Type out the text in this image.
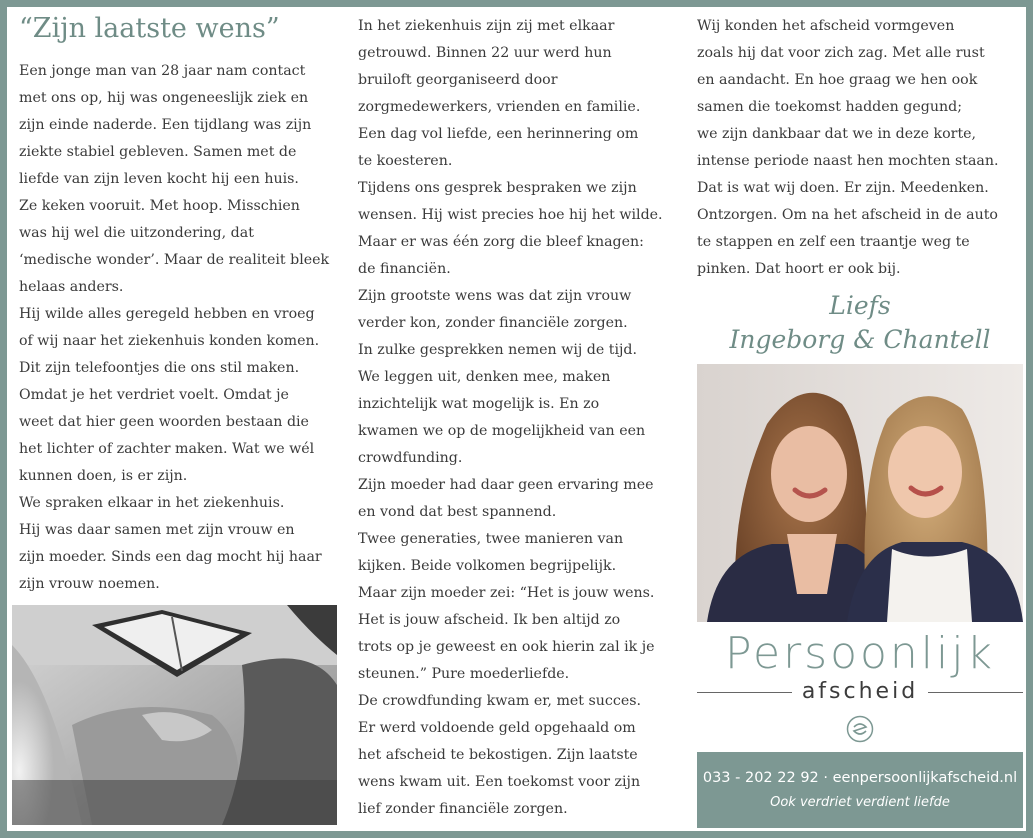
“Zijn laatste wens”

Een jonge man van 28 jaar nam contact

met ons op, hij was ongeneeslijk ziek en

zijn einde naderde. Een tijdlang was zijn

ziekte stabiel gebleven. Samen met de

liefde van zijn leven kocht hij een huis.

Ze keken vooruit. Met hoop. Misschien

was hij wel die uitzondering, dat

‘medische wonder’. Maar de realiteit bleek

helaas anders.

Hij wilde alles geregeld hebben en vroeg

of wij naar het ziekenhuis konden komen.

Dit zijn telefoontjes die ons stil maken.

Omdat je het verdriet voelt. Omdat je

weet dat hier geen woorden bestaan die

het lichter of zachter maken. Wat we wél

kunnen doen, is er zijn.

We spraken elkaar in het ziekenhuis.

Hij was daar samen met zijn vrouw en

zijn moeder. Sinds een dag mocht hij haar

zijn vrouw noemen.

In het ziekenhuis zijn zij met elkaar

getrouwd. Binnen 22 uur werd hun

bruiloft georganiseerd door

zorgmedewerkers, vrienden en familie.

Een dag vol liefde, een herinnering om

te koesteren.

Tijdens ons gesprek bespraken we zijn

wensen. Hij wist precies hoe hij het wilde.

Maar er was één zorg die bleef knagen:

de financiën.

Zijn grootste wens was dat zijn vrouw

verder kon, zonder financiële zorgen.

In zulke gesprekken nemen wij de tijd.

We leggen uit, denken mee, maken

inzichtelijk wat mogelijk is. En zo

kwamen we op de mogelijkheid van een

crowdfunding.

Zijn moeder had daar geen ervaring mee

en vond dat best spannend.

Twee generaties, twee manieren van

kijken. Beide volkomen begrijpelijk.

Maar zijn moeder zei: “Het is jouw wens.

Het is jouw afscheid. Ik ben altijd zo

trots op je geweest en ook hierin zal ik je

steunen.” Pure moederliefde.

De crowdfunding kwam er, met succes.

Er werd voldoende geld opgehaald om

het afscheid te bekostigen. Zijn laatste

wens kwam uit. Een toekomst voor zijn

lief zonder financiële zorgen.

Wij konden het afscheid vormgeven

zoals hij dat voor zich zag. Met alle rust

en aandacht. En hoe graag we hen ook

samen die toekomst hadden gegund;

we zijn dankbaar dat we in deze korte,

intense periode naast hen mochten staan.

Dat is wat wij doen. Er zijn. Meedenken.

Ontzorgen. Om na het afscheid in de auto

te stappen en zelf een traantje weg te

pinken. Dat hoort er ook bij.

Liefs
Ingeborg & Chantell
Persoonlijk
afscheid
033 - 202 22 92 · eenpersoonlijkafscheid.nl
Ook verdriet verdient liefde
